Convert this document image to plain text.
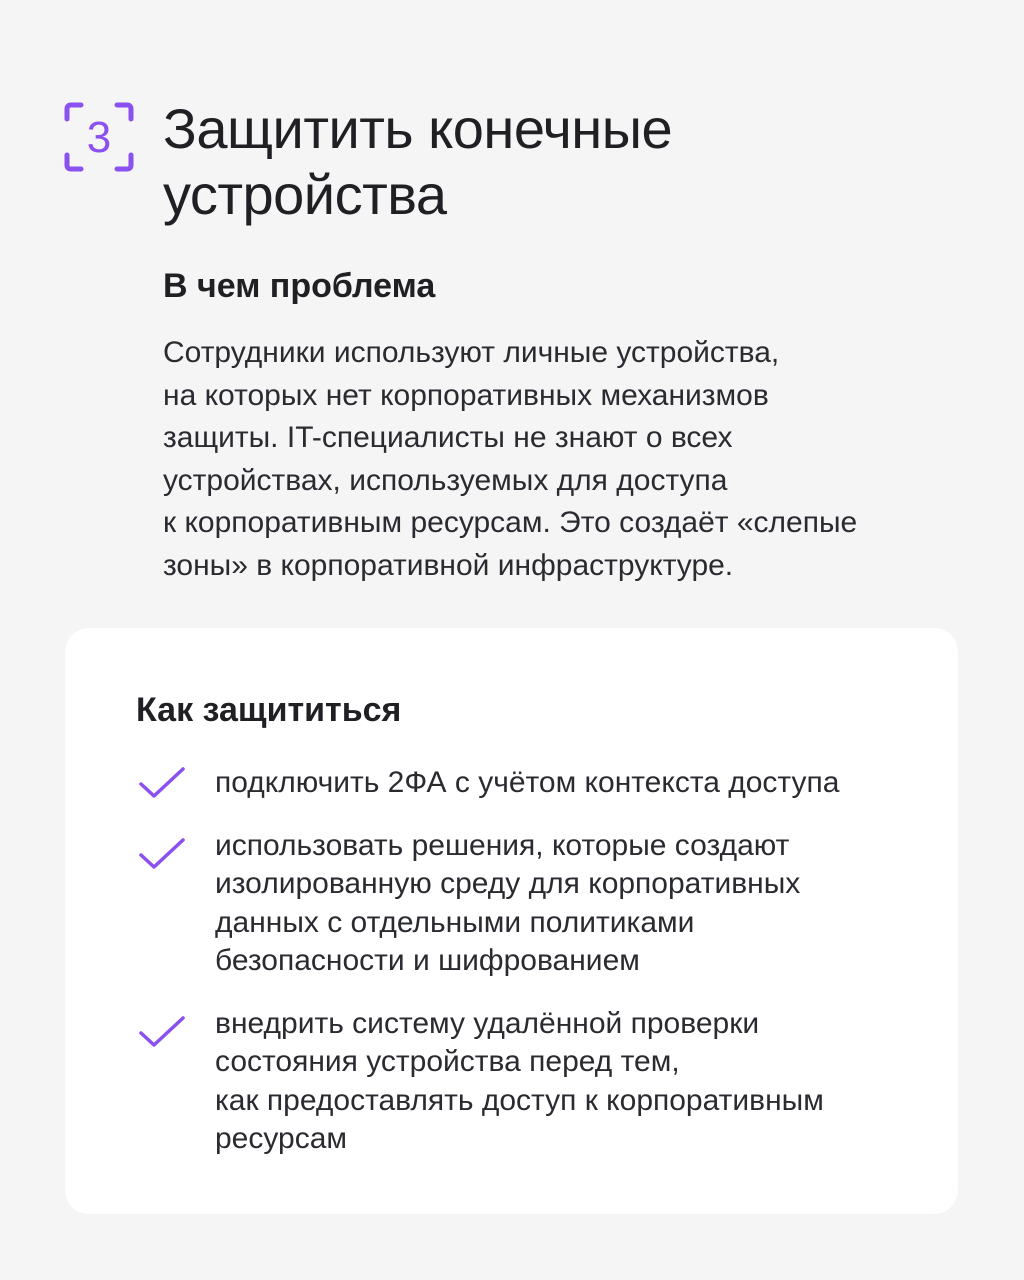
3 Защитить конечные
устройства
В чем проблема

Сотрудники используют личные устройства,
на которых нет корпоративных механизмов
защиты. IT-специалисты не знают о всех
устройствах, используемых для доступа
к корпоративным ресурсам. Это создаёт «слепые
зоны» в корпоративной инфраструктуре.

Как защититься
подключить 2ФА с учётом контекста доступа
использовать решения, которые создают
изолированную среду для корпоративных
данных с отдельными политиками
безопасности и шифрованием
внедрить систему удалённой проверки
состояния устройства перед тем,
как предоставлять доступ к корпоративным
ресурсам
